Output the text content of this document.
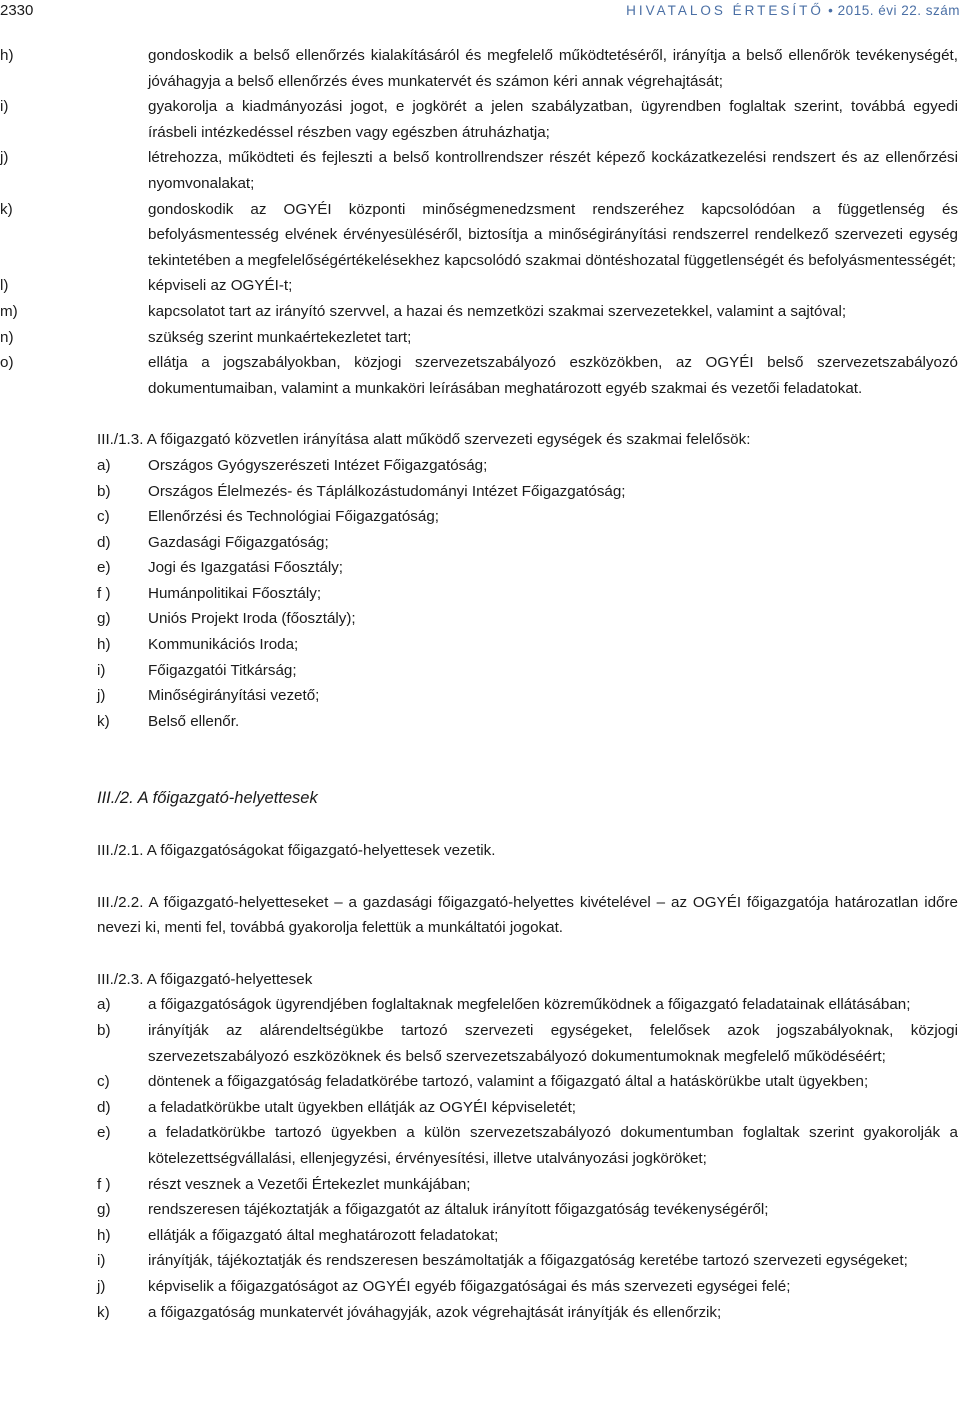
2330	HIVATALOS ÉRTESÍTŐ • 2015. évi 22. szám
h)	gondoskodik a belső ellenőrzés kialakításáról és megfelelő működtetéséről, irányítja a belső ellenőrök tevékenységét, jóváhagyja a belső ellenőrzés éves munkatervét és számon kéri annak végrehajtását;
i)	gyakorolja a kiadmányozási jogot, e jogkörét a jelen szabályzatban, ügyrendben foglaltak szerint, továbbá egyedi írásbeli intézkedéssel részben vagy egészben átruházhatja;
j)	létrehozza, működteti és fejleszti a belső kontrollrendszer részét képező kockázatkezelési rendszert és az ellenőrzési nyomvonalakat;
k)	gondoskodik az OGYÉI központi minőségmenedzsment rendszeréhez kapcsolódóan a függetlenség és befolyásmentesség elvének érvényesüléséről, biztosítja a minőségirányítási rendszerrel rendelkező szervezeti egység tekintetében a megfelelőségértékelésekhez kapcsolódó szakmai döntéshozatal függetlenségét és befolyásmentességét;
l)	képviseli az OGYÉI-t;
m)	kapcsolatot tart az irányító szervvel, a hazai és nemzetközi szakmai szervezetekkel, valamint a sajtóval;
n)	szükség szerint munkaértekezletet tart;
o)	ellátja a jogszabályokban, közjogi szervezetszabályozó eszközökben, az OGYÉI belső szervezetszabályozó dokumentumaiban, valamint a munkaköri leírásában meghatározott egyéb szakmai és vezetői feladatokat.
III./1.3. A főigazgató közvetlen irányítása alatt működő szervezeti egységek és szakmai felelősök:
a)	Országos Gyógyszerészeti Intézet Főigazgatóság;
b)	Országos Élelmezés- és Táplálkozástudományi Intézet Főigazgatóság;
c)	Ellenőrzési és Technológiai Főigazgatóság;
d)	Gazdasági Főigazgatóság;
e)	Jogi és Igazgatási Főosztály;
f )	Humánpolitikai Főosztály;
g)	Uniós Projekt Iroda (főosztály);
h)	Kommunikációs Iroda;
i)	Főigazgatói Titkárság;
j)	Minőségirányítási vezető;
k)	Belső ellenőr.
III./2. A főigazgató-helyettesek
III./2.1. A főigazgatóságokat főigazgató-helyettesek vezetik.
III./2.2. A főigazgató-helyetteseket – a gazdasági főigazgató-helyettes kivételével – az OGYÉI főigazgatója határozatlan időre nevezi ki, menti fel, továbbá gyakorolja felettük a munkáltatói jogokat.
III./2.3. A főigazgató-helyettesek
a)	a főigazgatóságok ügyrendjében foglaltaknak megfelelően közreműködnek a főigazgató feladatainak ellátásában;
b)	irányítják az alárendeltségükbe tartozó szervezeti egységeket, felelősek azok jogszabályoknak, közjogi szervezetszabályozó eszközöknek és belső szervezetszabályozó dokumentumoknak megfelelő működéséért;
c)	döntenek a főigazgatóság feladatkörébe tartozó, valamint a főigazgató által a hatáskörükbe utalt ügyekben;
d)	a feladatkörükbe utalt ügyekben ellátják az OGYÉI képviseletét;
e)	a feladatkörükbe tartozó ügyekben a külön szervezetszabályozó dokumentumban foglaltak szerint gyakorolják a kötelezettségvállalási, ellenjegyzési, érvényesítési, illetve utalványozási jogköröket;
f )	részt vesznek a Vezetői Értekezlet munkájában;
g)	rendszeresen tájékoztatják a főigazgatót az általuk irányított főigazgatóság tevékenységéről;
h)	ellátják a főigazgató által meghatározott feladatokat;
i)	irányítják, tájékoztatják és rendszeresen beszámoltatják a főigazgatóság keretébe tartozó szervezeti egységeket;
j)	képviselik a főigazgatóságot az OGYÉI egyéb főigazgatóságai és más szervezeti egységei felé;
k)	a főigazgatóság munkatervét jóváhagyják, azok végrehajtását irányítják és ellenőrzik;
